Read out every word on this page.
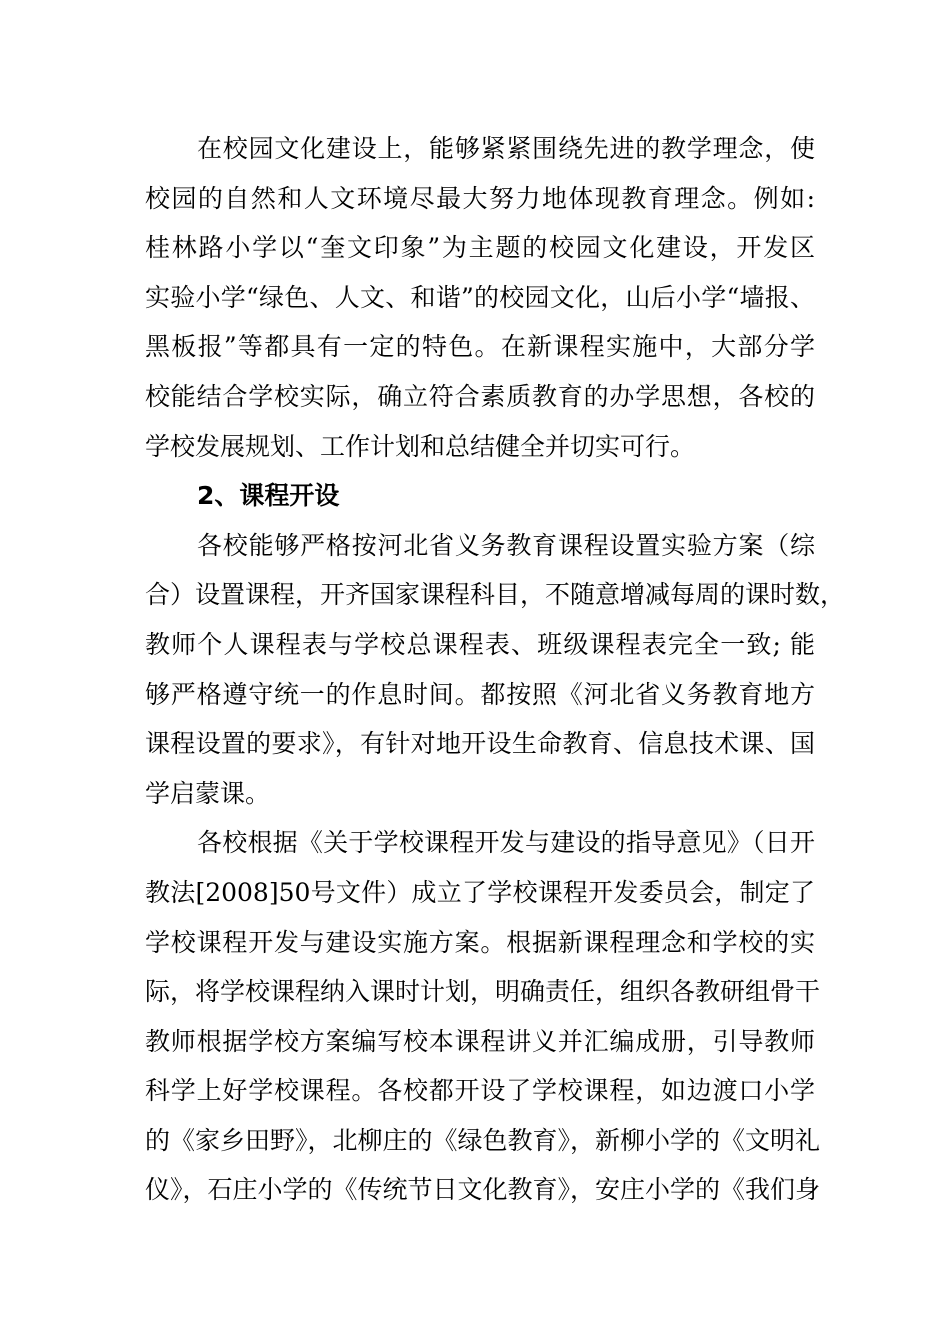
在校园文化建设上，能够紧紧围绕先进的教学理念，使
校园的自然和人文环境尽最大努力地体现教育理念。例如:
桂林路小学以“奎文印象”为主题的校园文化建设，开发区
实验小学“绿色、人文、和谐”的校园文化，山后小学“墙报、
黑板报”等都具有一定的特色。在新课程实施中，大部分学
校能结合学校实际，确立符合素质教育的办学思想，各校的
学校发展规划、工作计划和总结健全并切实可行。
2、课程开设
各校能够严格按河北省义务教育课程设置实验方案（综
合）设置课程，开齐国家课程科目，不随意增减每周的课时数，
教师个人课程表与学校总课程表、班级课程表完全一致; 能
够严格遵守统一的作息时间。都按照《河北省义务教育地方
课程设置的要求》，有针对地开设生命教育、信息技术课、国
学启蒙课。
各校根据《关于学校课程开发与建设的指导意见》（日开
教法[2008]50号文件）成立了学校课程开发委员会，制定了
学校课程开发与建设实施方案。根据新课程理念和学校的实
际，将学校课程纳入课时计划，明确责任，组织各教研组骨干
教师根据学校方案编写校本课程讲义并汇编成册，引导教师
科学上好学校课程。各校都开设了学校课程，如边渡口小学
的《家乡田野》，北柳庄的《绿色教育》，新柳小学的《文明礼
仪》，石庄小学的《传统节日文化教育》，安庄小学的《我们身
